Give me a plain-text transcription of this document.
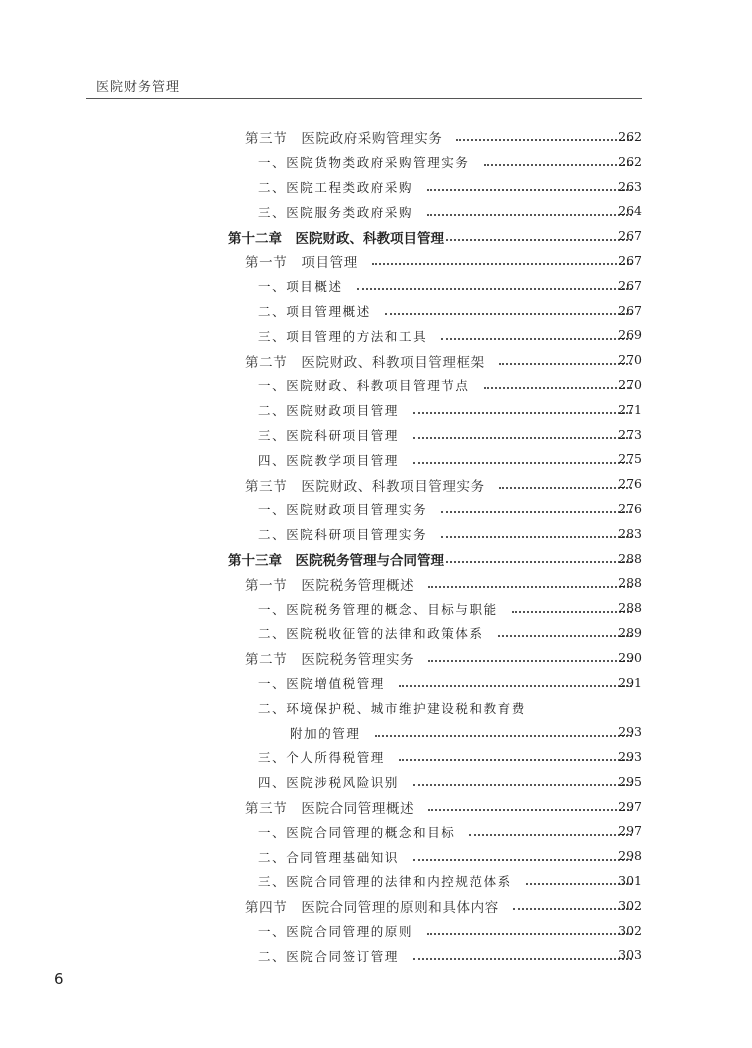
医院财务管理
第三节　医院政府采购管理实务	262
一、医院货物类政府采购管理实务	262
二、医院工程类政府采购	263
三、医院服务类政府采购	264
第十二章　医院财政、科教项目管理	267
第一节　项目管理	267
一、项目概述	267
二、项目管理概述	267
三、项目管理的方法和工具	269
第二节　医院财政、科教项目管理框架	270
一、医院财政、科教项目管理节点	270
二、医院财政项目管理	271
三、医院科研项目管理	273
四、医院教学项目管理	275
第三节　医院财政、科教项目管理实务	276
一、医院财政项目管理实务	276
二、医院科研项目管理实务	283
第十三章　医院税务管理与合同管理	288
第一节　医院税务管理概述	288
一、医院税务管理的概念、目标与职能	288
二、医院税收征管的法律和政策体系	289
第二节　医院税务管理实务	290
一、医院增值税管理	291
二、环境保护税、城市维护建设税和教育费
附加的管理	293
三、个人所得税管理	293
四、医院涉税风险识别	295
第三节　医院合同管理概述	297
一、医院合同管理的概念和目标	297
二、合同管理基础知识	298
三、医院合同管理的法律和内控规范体系	301
第四节　医院合同管理的原则和具体内容	302
一、医院合同管理的原则	302
二、医院合同签订管理	303
6
